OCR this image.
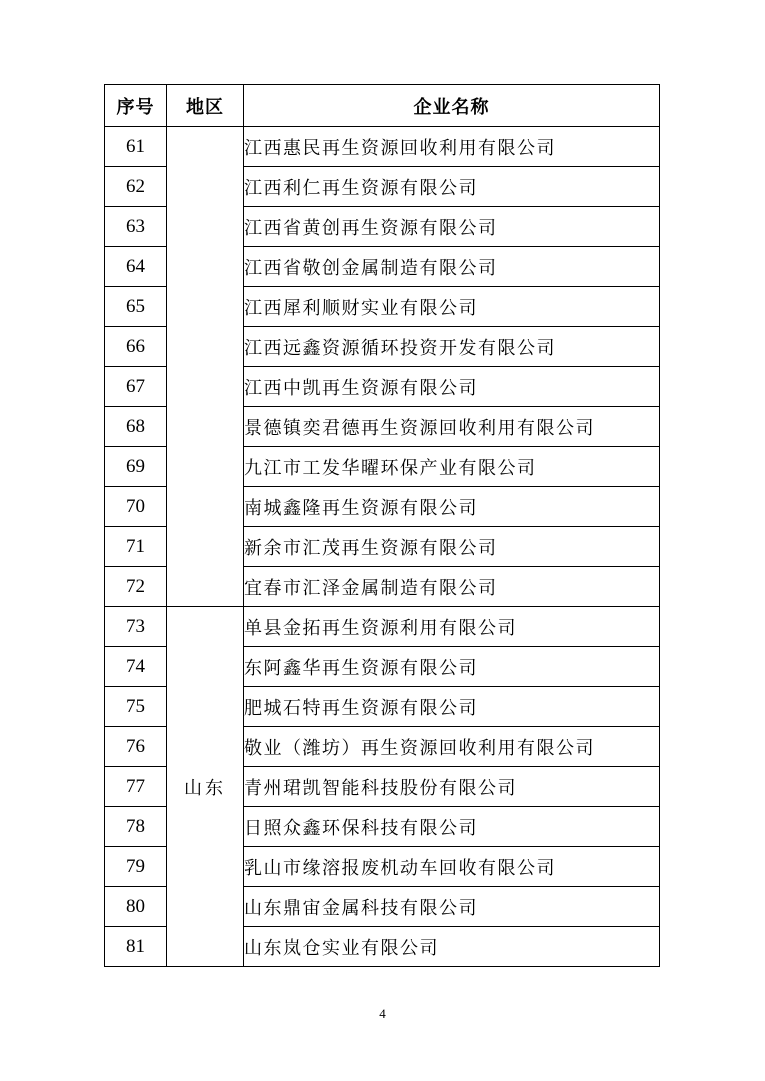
序号	地区	企业名称
61		江西惠民再生资源回收利用有限公司
62		江西利仁再生资源有限公司
63		江西省黄创再生资源有限公司
64		江西省敬创金属制造有限公司
65		江西犀利顺财实业有限公司
66		江西远鑫资源循环投资开发有限公司
67		江西中凯再生资源有限公司
68		景德镇奕君德再生资源回收利用有限公司
69		九江市工发华曜环保产业有限公司
70		南城鑫隆再生资源有限公司
71		新余市汇茂再生资源有限公司
72		宜春市汇泽金属制造有限公司
73	山东	单县金拓再生资源利用有限公司
74		东阿鑫华再生资源有限公司
75		肥城石特再生资源有限公司
76		敬业（潍坊）再生资源回收利用有限公司
77		青州珺凯智能科技股份有限公司
78		日照众鑫环保科技有限公司
79		乳山市缘溶报废机动车回收有限公司
80		山东鼎宙金属科技有限公司
81		山东岚仓实业有限公司
4
